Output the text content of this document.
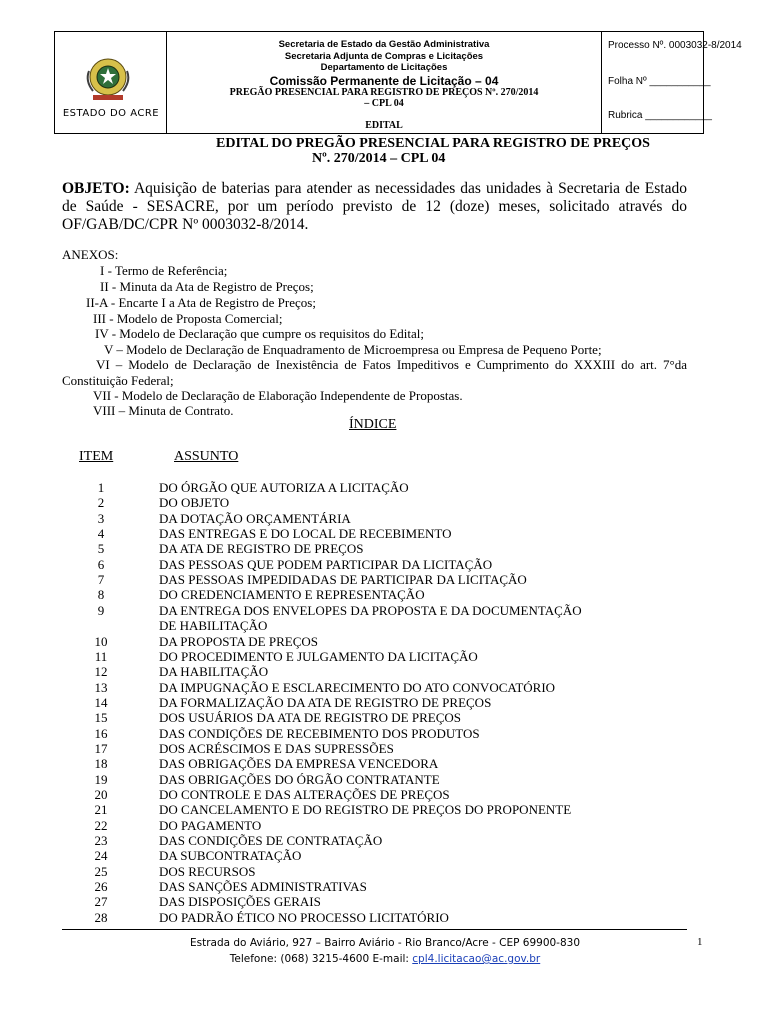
ESTADO DO ACRE
Secretaria de Estado da Gestão Administrativa
Secretaria Adjunta de Compras e Licitações
Departamento de Licitações
Comissão Permanente de Licitação – 04
PREGÃO PRESENCIAL PARA REGISTRO DE PREÇOS Nº. 270/2014
– CPL 04
EDITAL
Processo Nº. 0003032-8/2014
Folha Nº ___________
Rubrica ____________
EDITAL DO PREGÃO PRESENCIAL PARA REGISTRO DE PREÇOS
Nº. 270/2014 – CPL 04
OBJETO: Aquisição de baterias para atender as necessidades das unidades à Secretaria de Estado de Saúde - SESACRE, por um período previsto de 12 (doze) meses, solicitado através do OF/GAB/DC/CPR Nº 0003032-8/2014.
ANEXOS:
I - Termo de Referência;
II - Minuta da Ata de Registro de Preços;
II-A - Encarte I a Ata de Registro de Preços;
III - Modelo de Proposta Comercial;
IV - Modelo de Declaração que cumpre os requisitos do Edital;
V – Modelo de Declaração de Enquadramento de Microempresa ou Empresa de Pequeno Porte;
VI – Modelo de Declaração de Inexistência de Fatos Impeditivos e Cumprimento do XXXIII do art. 7°da Constituição Federal;
VII - Modelo de Declaração de Elaboração Independente de Propostas.
VIII – Minuta de Contrato.
ÍNDICE
ITEM	ASSUNTO
1	DO ÓRGÃO QUE AUTORIZA A LICITAÇÃO
2	DO OBJETO
3	DA DOTAÇÃO ORÇAMENTÁRIA
4	DAS ENTREGAS E DO LOCAL DE RECEBIMENTO
5	DA ATA DE REGISTRO DE PREÇOS
6	DAS PESSOAS QUE PODEM PARTICIPAR DA LICITAÇÃO
7	DAS PESSOAS IMPEDIDADAS DE PARTICIPAR DA LICITAÇÃO
8	DO CREDENCIAMENTO E REPRESENTAÇÃO
9	DA ENTREGA DOS ENVELOPES DA PROPOSTA E DA DOCUMENTAÇÃO
DE HABILITAÇÃO
10	DA PROPOSTA DE PREÇOS
11	DO PROCEDIMENTO E JULGAMENTO DA LICITAÇÃO
12	DA HABILITAÇÃO
13	DA IMPUGNAÇÃO E ESCLARECIMENTO DO ATO CONVOCATÓRIO
14	DA FORMALIZAÇÃO DA ATA DE REGISTRO DE PREÇOS
15	DOS USUÁRIOS DA ATA DE REGISTRO DE PREÇOS
16	DAS CONDIÇÕES DE RECEBIMENTO DOS PRODUTOS
17	DOS ACRÉSCIMOS E DAS SUPRESSÕES
18	DAS OBRIGAÇÕES DA EMPRESA VENCEDORA
19	DAS OBRIGAÇÕES DO ÓRGÃO CONTRATANTE
20	DO CONTROLE E DAS ALTERAÇÕES DE PREÇOS
21	DO CANCELAMENTO E DO REGISTRO DE PREÇOS DO PROPONENTE
22	DO PAGAMENTO
23	DAS CONDIÇÕES DE CONTRATAÇÃO
24	DA SUBCONTRATAÇÃO
25	DOS RECURSOS
26	DAS SANÇÕES ADMINISTRATIVAS
27	DAS DISPOSIÇÕES GERAIS
28	DO PADRÃO ÉTICO NO PROCESSO LICITATÓRIO
Estrada do Aviário, 927 – Bairro Aviário - Rio Branco/Acre - CEP 69900-830
Telefone: (068) 3215-4600 E-mail: cpl4.licitacao@ac.gov.br
1
